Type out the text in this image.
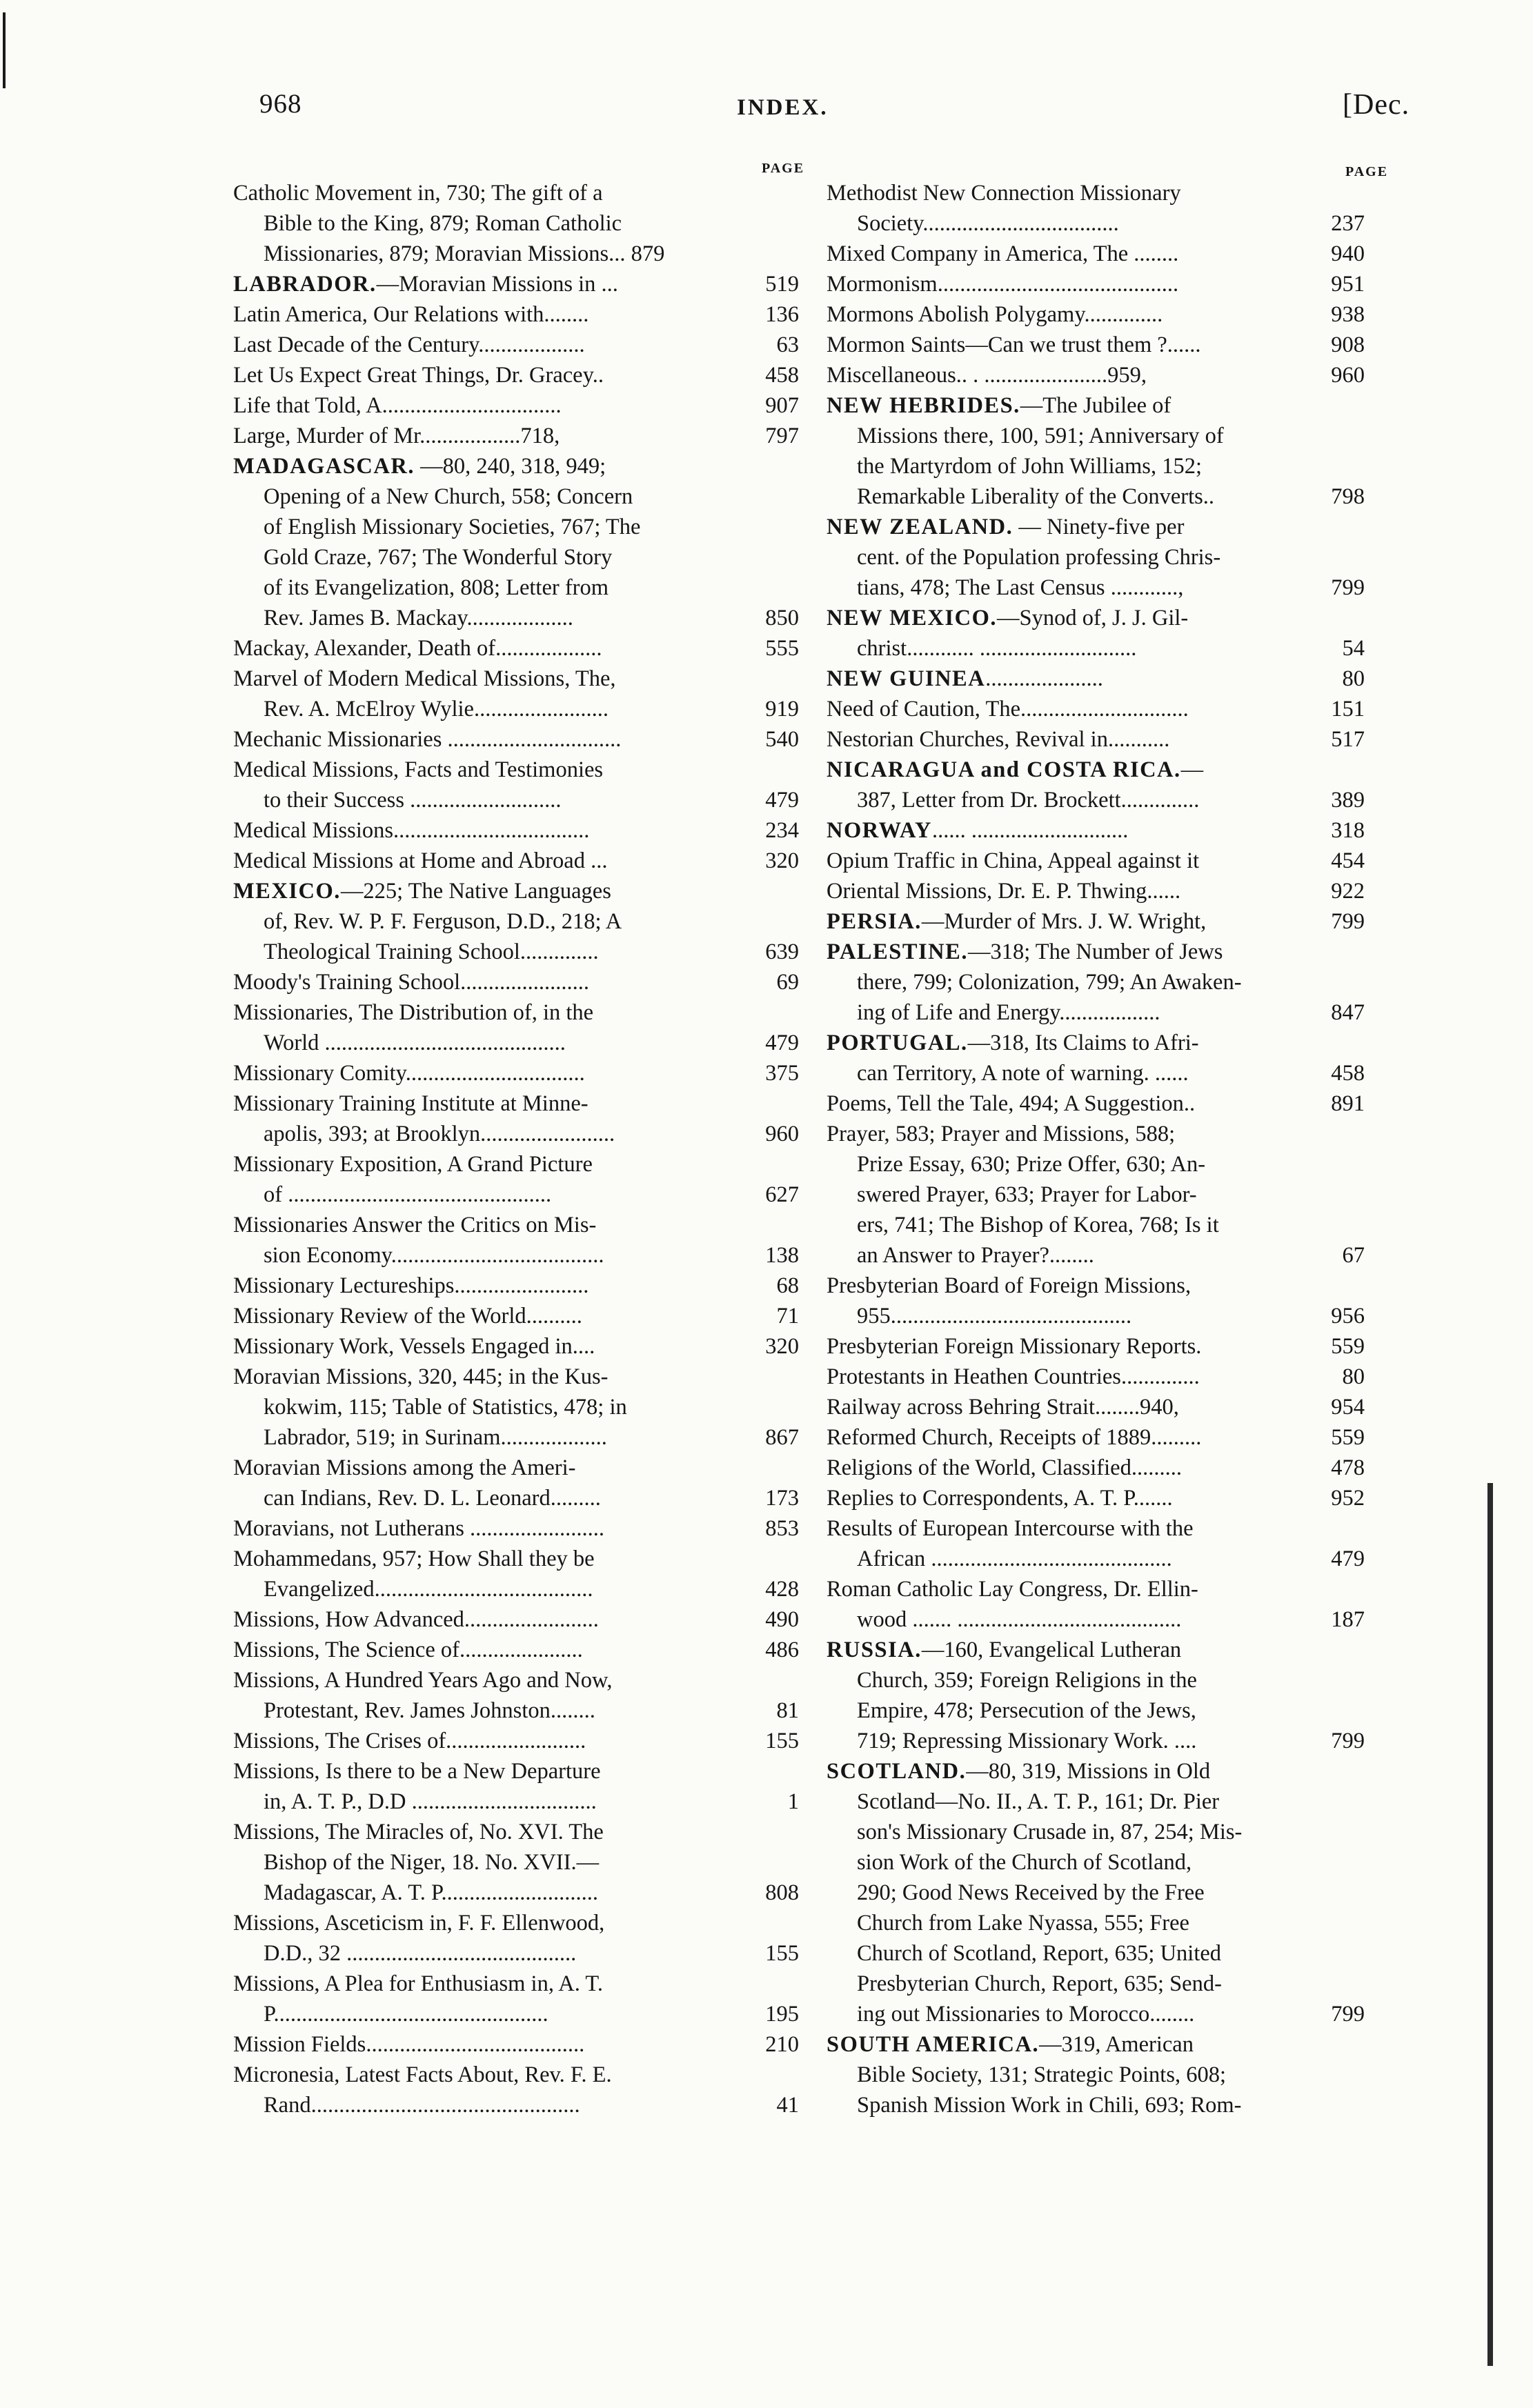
968	INDEX.	[Dec.
PAGE	PAGE
Catholic Movement in, 730; The gift of a
Bible to the King, 879; Roman Catholic
Missionaries, 879; Moravian Missions... 879
LABRADOR.—Moravian Missions in ...	519
Latin America, Our Relations with........	136
Last Decade of the Century...................	63
Let Us Expect Great Things, Dr. Gracey..	458
Life that Told, A................................	907
Large, Murder of Mr..................718,	797
MADAGASCAR. —80, 240, 318, 949;
Opening of a New Church, 558; Concern
of English Missionary Societies, 767; The
Gold Craze, 767; The Wonderful Story
of its Evangelization, 808; Letter from
Rev. James B. Mackay...................	850
Mackay, Alexander, Death of...................	555
Marvel of Modern Medical Missions, The,
Rev. A. McElroy Wylie........................	919
Mechanic Missionaries ...............................	540
Medical Missions, Facts and Testimonies
to their Success ...........................	479
Medical Missions...................................	234
Medical Missions at Home and Abroad ...	320
MEXICO.—225; The Native Languages
of, Rev. W. P. F. Ferguson, D.D., 218; A
Theological Training School..............	639
Moody's Training School.......................	69
Missionaries, The Distribution of, in the
World ...........................................	479
Missionary Comity................................	375
Missionary Training Institute at Minne-
apolis, 393; at Brooklyn........................	960
Missionary Exposition, A Grand Picture
of ...............................................	627
Missionaries Answer the Critics on Mis-
sion Economy......................................	138
Missionary Lectureships........................	68
Missionary Review of the World..........	71
Missionary Work, Vessels Engaged in....	320
Moravian Missions, 320, 445; in the Kus-
kokwim, 115; Table of Statistics, 478; in
Labrador, 519; in Surinam...................	867
Moravian Missions among the Ameri-
can Indians, Rev. D. L. Leonard.........	173
Moravians, not Lutherans ........................	853
Mohammedans, 957; How Shall they be
Evangelized.......................................	428
Missions, How Advanced........................	490
Missions, The Science of......................	486
Missions, A Hundred Years Ago and Now,
Protestant, Rev. James Johnston........	81
Missions, The Crises of.........................	155
Missions, Is there to be a New Departure
in, A. T. P., D.D .................................	1
Missions, The Miracles of, No. XVI. The
Bishop of the Niger, 18. No. XVII.—
Madagascar, A. T. P............................	808
Missions, Asceticism in, F. F. Ellenwood,
D.D., 32 .........................................	155
Missions, A Plea for Enthusiasm in, A. T.
P.................................................	195
Mission Fields.......................................	210
Micronesia, Latest Facts About, Rev. F. E.
Rand................................................	41
Methodist New Connection Missionary
Society...................................	237
Mixed Company in America, The ........	940
Mormonism...........................................	951
Mormons Abolish Polygamy..............	938
Mormon Saints—Can we trust them ?......	908
Miscellaneous.. . ......................959,	960
NEW HEBRIDES.—The Jubilee of
Missions there, 100, 591; Anniversary of
the Martyrdom of John Williams, 152;
Remarkable Liberality of the Converts..	798
NEW ZEALAND. — Ninety-five per
cent. of the Population professing Chris-
tians, 478; The Last Census ............,	799
NEW MEXICO.—Synod of, J. J. Gil-
christ............ ............................	54
NEW GUINEA.....................	80
Need of Caution, The..............................	151
Nestorian Churches, Revival in...........	517
NICARAGUA and COSTA RICA.—
387, Letter from Dr. Brockett..............	389
NORWAY...... ............................	318
Opium Traffic in China, Appeal against it	454
Oriental Missions, Dr. E. P. Thwing......	922
PERSIA.—Murder of Mrs. J. W. Wright,	799
PALESTINE.—318; The Number of Jews
there, 799; Colonization, 799; An Awaken-
ing of Life and Energy..................	847
PORTUGAL.—318, Its Claims to Afri-
can Territory, A note of warning. ......	458
Poems, Tell the Tale, 494; A Suggestion..	891
Prayer, 583; Prayer and Missions, 588;
Prize Essay, 630; Prize Offer, 630; An-
swered Prayer, 633; Prayer for Labor-
ers, 741; The Bishop of Korea, 768; Is it
an Answer to Prayer?........	67
Presbyterian Board of Foreign Missions,
955...........................................	956
Presbyterian Foreign Missionary Reports.	559
Protestants in Heathen Countries..............	80
Railway across Behring Strait........940,	954
Reformed Church, Receipts of 1889.........	559
Religions of the World, Classified.........	478
Replies to Correspondents, A. T. P.......	952
Results of European Intercourse with the
African ...........................................	479
Roman Catholic Lay Congress, Dr. Ellin-
wood ....... ........................................	187
RUSSIA.—160, Evangelical Lutheran
Church, 359; Foreign Religions in the
Empire, 478; Persecution of the Jews,
719; Repressing Missionary Work. ....	799
SCOTLAND.—80, 319, Missions in Old
Scotland—No. II., A. T. P., 161; Dr. Pier
son's Missionary Crusade in, 87, 254; Mis-
sion Work of the Church of Scotland,
290; Good News Received by the Free
Church from Lake Nyassa, 555; Free
Church of Scotland, Report, 635; United
Presbyterian Church, Report, 635; Send-
ing out Missionaries to Morocco........	799
SOUTH AMERICA.—319, American
Bible Society, 131; Strategic Points, 608;
Spanish Mission Work in Chili, 693; Rom-
